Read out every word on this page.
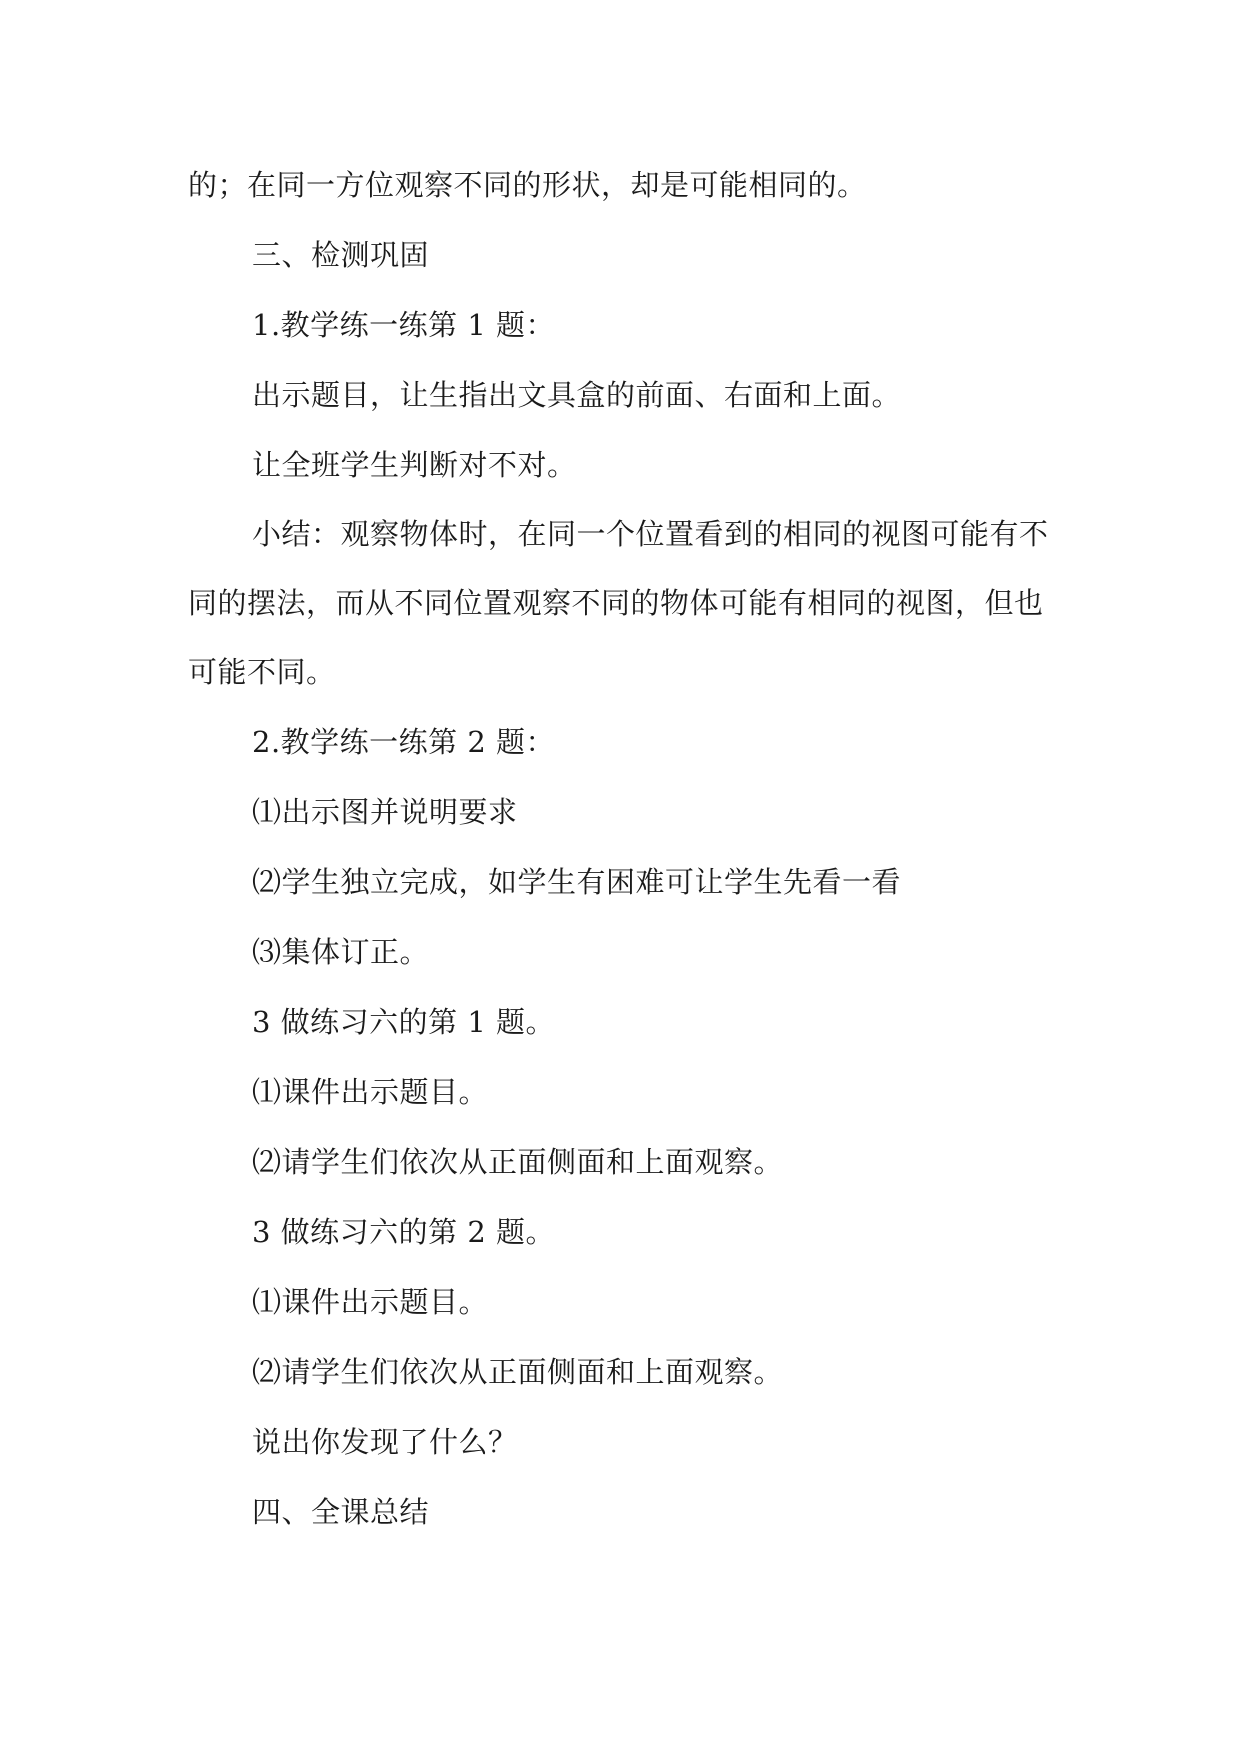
的；在同一方位观察不同的形状，却是可能相同的。

三、检测巩固

1.教学练一练第 1 题：

出示题目，让生指出文具盒的前面、右面和上面。

让全班学生判断对不对。

小结：观察物体时，在同一个位置看到的相同的视图可能有不同的摆法，而从不同位置观察不同的物体可能有相同的视图，但也可能不同。

2.教学练一练第 2 题：

⑴出示图并说明要求

⑵学生独立完成，如学生有困难可让学生先看一看

⑶集体订正。

3 做练习六的第 1 题。

⑴课件出示题目。

⑵请学生们依次从正面侧面和上面观察。

3 做练习六的第 2 题。

⑴课件出示题目。

⑵请学生们依次从正面侧面和上面观察。

说出你发现了什么？

四、全课总结
